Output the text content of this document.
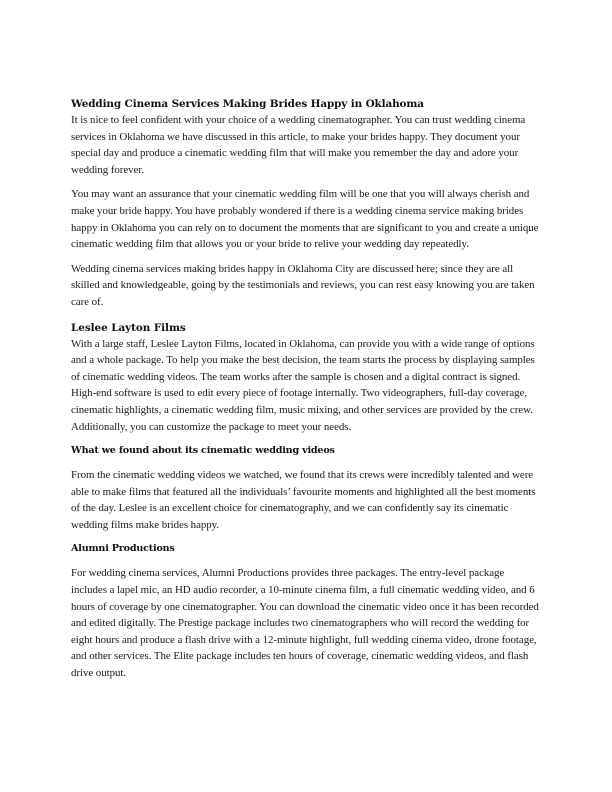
Wedding Cinema Services Making Brides Happy in Oklahoma

It is nice to feel confident with your choice of a wedding cinematographer. You can trust wedding cinema services in Oklahoma we have discussed in this article, to make your brides happy. They document your special day and produce a cinematic wedding film that will make you remember the day and adore your wedding forever.

You may want an assurance that your cinematic wedding film will be one that you will always cherish and make your bride happy. You have probably wondered if there is a wedding cinema service making brides happy in Oklahoma you can rely on to document the moments that are significant to you and create a unique cinematic wedding film that allows you or your bride to relive your wedding day repeatedly.

Wedding cinema services making brides happy in Oklahoma City are discussed here; since they are all skilled and knowledgeable, going by the testimonials and reviews, you can rest easy knowing you are taken care of.

Leslee Layton Films

With a large staff, Leslee Layton Films, located in Oklahoma, can provide you with a wide range of options and a whole package. To help you make the best decision, the team starts the process by displaying samples of cinematic wedding videos. The team works after the sample is chosen and a digital contract is signed. High-end software is used to edit every piece of footage internally. Two videographers, full-day coverage, cinematic highlights, a cinematic wedding film, music mixing, and other services are provided by the crew. Additionally, you can customize the package to meet your needs.

What we found about its cinematic wedding videos

From the cinematic wedding videos we watched, we found that its crews were incredibly talented and were able to make films that featured all the individuals’ favourite moments and highlighted all the best moments of the day. Leslee is an excellent choice for cinematography, and we can confidently say its cinematic wedding films make brides happy.

Alumni Productions

For wedding cinema services, Alumni Productions provides three packages. The entry-level package includes a lapel mic, an HD audio recorder, a 10-minute cinema film, a full cinematic wedding video, and 6 hours of coverage by one cinematographer. You can download the cinematic video once it has been recorded and edited digitally. The Prestige package includes two cinematographers who will record the wedding for eight hours and produce a flash drive with a 12-minute highlight, full wedding cinema video, drone footage, and other services. The Elite package includes ten hours of coverage, cinematic wedding videos, and flash drive output.
